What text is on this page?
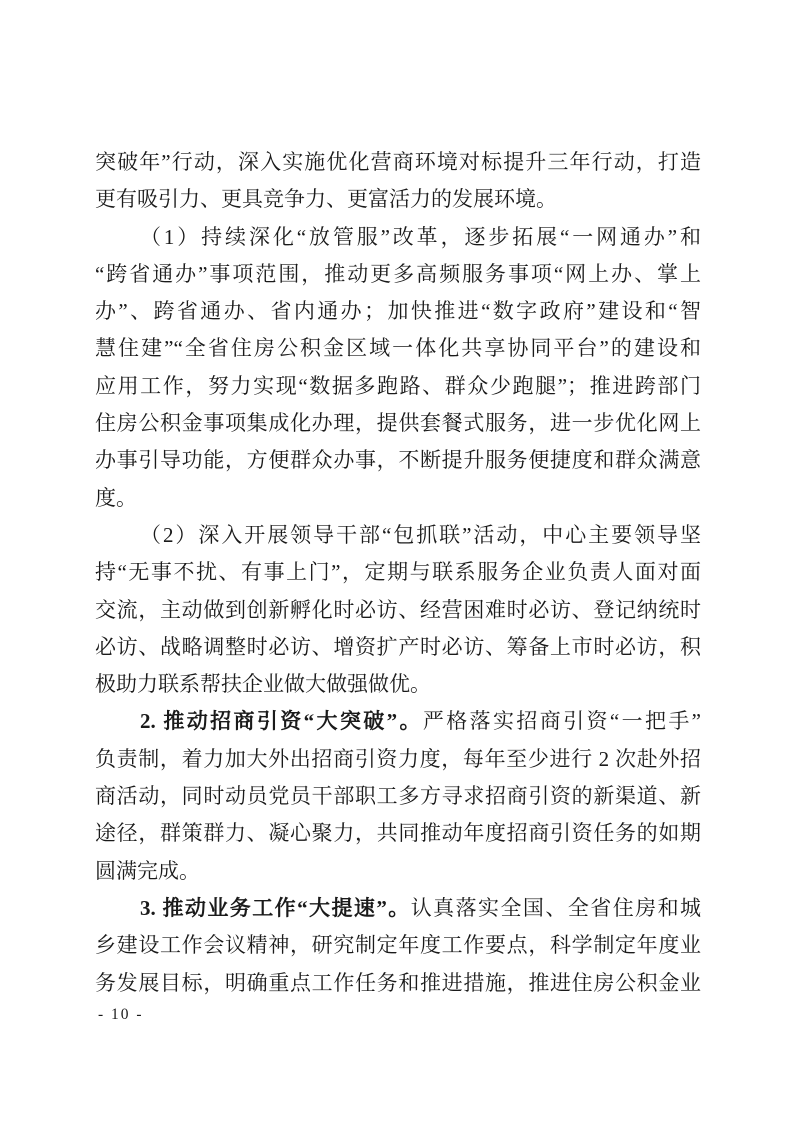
突破年”行动，深入实施优化营商环境对标提升三年行动，打造
更有吸引力、更具竞争力、更富活力的发展环境。
（1）持续深化“放管服”改革，逐步拓展“一网通办”和
“跨省通办”事项范围，推动更多高频服务事项“网上办、掌上
办”、跨省通办、省内通办；加快推进“数字政府”建设和“智
慧住建”“全省住房公积金区域一体化共享协同平台”的建设和
应用工作，努力实现“数据多跑路、群众少跑腿”；推进跨部门
住房公积金事项集成化办理，提供套餐式服务，进一步优化网上
办事引导功能，方便群众办事，不断提升服务便捷度和群众满意
度。
（2）深入开展领导干部“包抓联”活动，中心主要领导坚
持“无事不扰、有事上门”，定期与联系服务企业负责人面对面
交流，主动做到创新孵化时必访、经营困难时必访、登记纳统时
必访、战略调整时必访、增资扩产时必访、筹备上市时必访，积
极助力联系帮扶企业做大做强做优。
2. 推动招商引资“大突破”。严格落实招商引资“一把手”
负责制，着力加大外出招商引资力度，每年至少进行 2 次赴外招
商活动，同时动员党员干部职工多方寻求招商引资的新渠道、新
途径，群策群力、凝心聚力，共同推动年度招商引资任务的如期
圆满完成。
3. 推动业务工作“大提速”。认真落实全国、全省住房和城
乡建设工作会议精神，研究制定年度工作要点，科学制定年度业
务发展目标，明确重点工作任务和推进措施，推进住房公积金业
- 10 -
